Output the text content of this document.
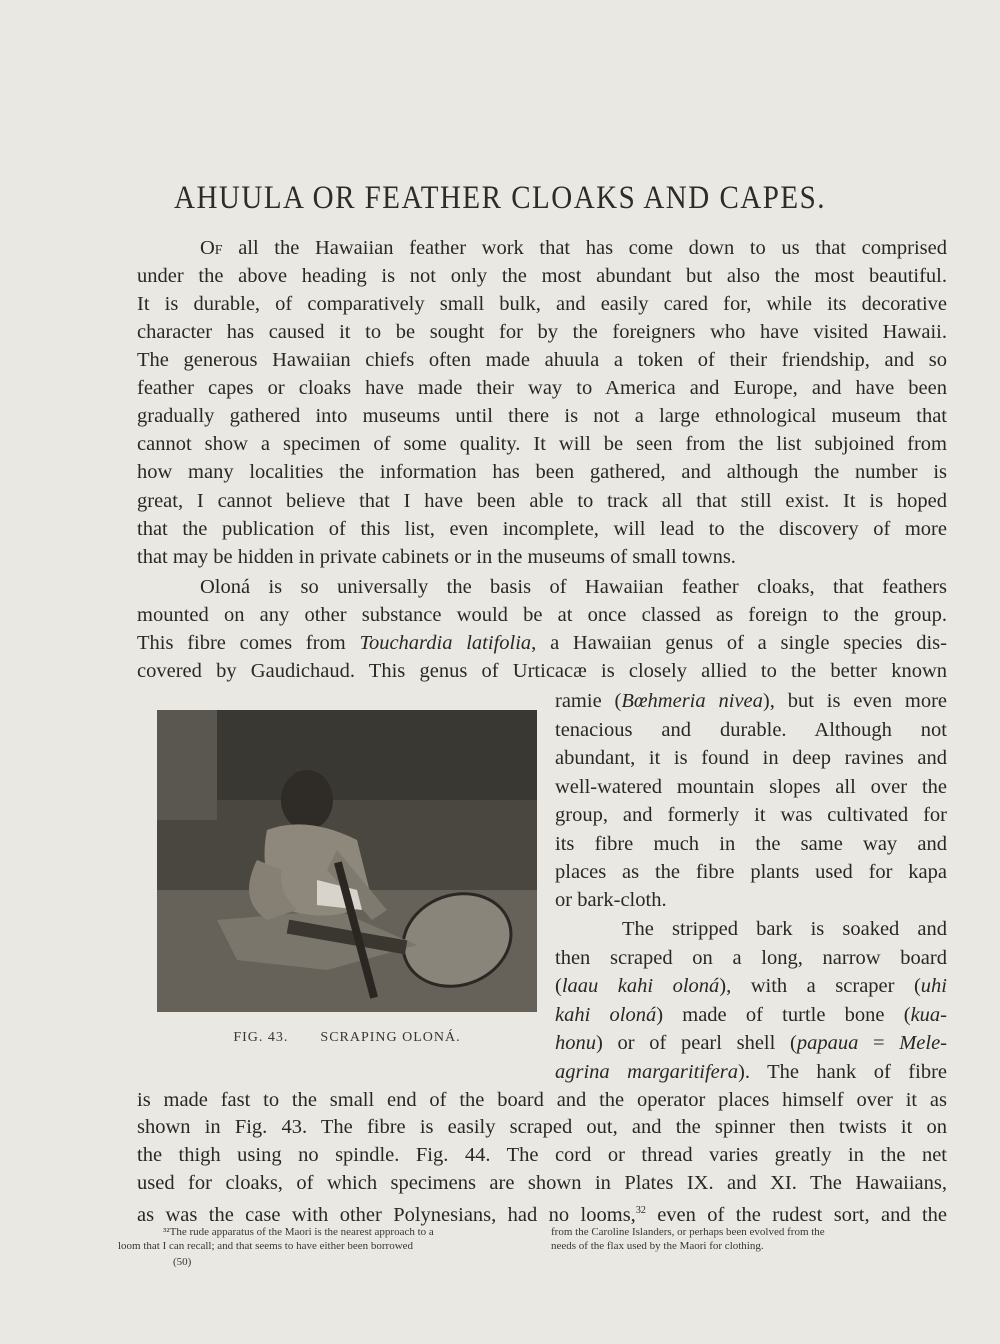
AHUULA OR FEATHER CLOAKS AND CAPES.
Of all the Hawaiian feather work that has come down to us that comprised
under the above heading is not only the most abundant but also the most beautiful.
It is durable, of comparatively small bulk, and easily cared for, while its decorative
character has caused it to be sought for by the foreigners who have visited Hawaii.
The generous Hawaiian chiefs often made ahuula a token of their friendship, and so
feather capes or cloaks have made their way to America and Europe, and have been
gradually gathered into museums until there is not a large ethnological museum that
cannot show a specimen of some quality. It will be seen from the list subjoined from
how many localities the information has been gathered, and although the number is
great, I cannot believe that I have been able to track all that still exist. It is hoped
that the publication of this list, even incomplete, will lead to the discovery of more
that may be hidden in private cabinets or in the museums of small towns.
Oloná is so universally the basis of Hawaiian feather cloaks, that feathers
mounted on any other substance would be at once classed as foreign to the group.
This fibre comes from Touchardia latifolia, a Hawaiian genus of a single species dis-
covered by Gaudichaud. This genus of Urticacæ is closely allied to the better known
ramie (Bœhmeria nivea), but is even more
tenacious and durable. Although not
abundant, it is found in deep ravines and
well-watered mountain slopes all over the
group, and formerly it was cultivated for
its fibre much in the same way and
places as the fibre plants used for kapa
or bark-cloth.
The stripped bark is soaked and
then scraped on a long, narrow board
(laau kahi oloná), with a scraper (uhi
kahi oloná) made of turtle bone (kua-
honu) or of pearl shell (papaua = Mele-
agrina margaritifera). The hank of fibre
is made fast to the small end of the board and the operator places himself over it as
shown in Fig. 43. The fibre is easily scraped out, and the spinner then twists it on
the thigh using no spindle. Fig. 44. The cord or thread varies greatly in the net
used for cloaks, of which specimens are shown in Plates IX. and XI. The Hawaiians,
as was the case with other Polynesians, had no looms,$^{32}$ even of the rudest sort, and the
FIG. 43. SCRAPING OLONÁ.
³²The rude apparatus of the Maori is the nearest approach to a
loom that I can recall; and that seems to have either been borrowed
from the Caroline Islanders, or perhaps been evolved from the
needs of the flax used by the Maori for clothing.
(50)
